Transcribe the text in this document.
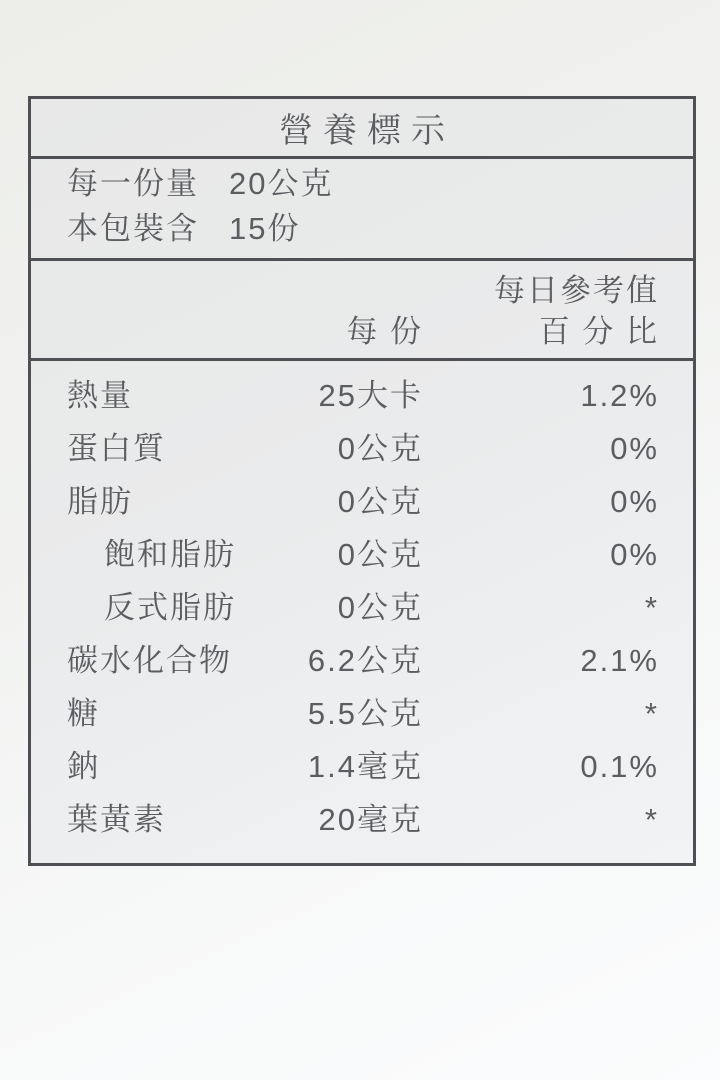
營養標示
每一份量 20公克
本包裝含 15份
每日參考值
每 份	百 分 比
熱量	25大卡	1.2%
蛋白質	0公克	0%
脂肪	0公克	0%
飽和脂肪	0公克	0%
反式脂肪	0公克	*
碳水化合物 6.2公克	2.1%
糖	5.5公克	*
鈉	1.4毫克	0.1%
葉黃素	20毫克	*
